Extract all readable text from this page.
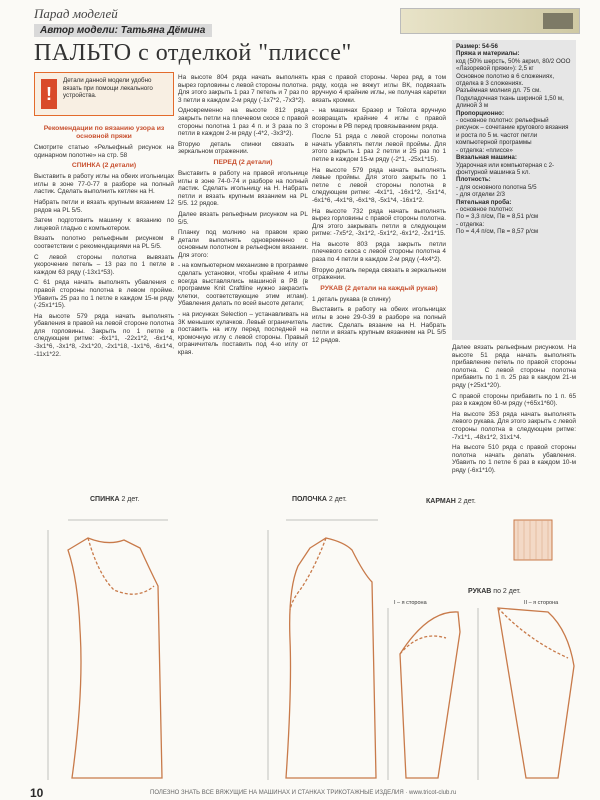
Парад моделей
Автор модели: Татьяна Дёмина
ПАЛЬТО с отделкой "плиссе"
!
Детали данной модели удобно вязать при помощи лекального устройства.
Рекомендации по вязанию узора из основной пряжи

Смотрите статью «Рельефный рисунок на одинарном полотне» на стр. 58

СПИНКА (2 детали)

Выставить в работу иглы на обеих игольницах иглы в зоне 77-0-77 в разборе на полный ластик. Сделать выполнить кетлен на Н.

Набрать петли и вязать крупным вязанием 12 рядов на РL 5/5.

Затем подготовить машину к вязанию по лицевой гладью с компьютером.

Вязать полотно рельефным рисунком в соответствии с рекомендациями на РL 5/5.

С левой стороны полотна вывязать укорочение петель – 13 раз по 1 петле в каждом 63 ряду (-13х1*53).

С 61 ряда начать выполнять убавления с правой стороны полотна в левом пройме. Убавить 25 раз по 1 петле в каждом 15-м ряду (-25х1*15).

На высоте 579 ряда начать выполнять убавления в правой на левой стороне полотна для горловины. Закрыть по 1 петле в следующем ритме: -6х1*1, -22х1*2, -6х1*4, -3х1*6, -3х1*8, -2х1*20, -2х1*18, -1х1*6, -6х1*4, -11х1*22.

На высоте 804 ряда начать выполнять вырез горловины с левой стороны полотна. Для этого закрыть 1 раз 7 петель и 7 раз по 3 петли в каждом 2-м ряду (-1х7*2, -7х3*2).

Одновременно на высоте 812 ряда закрыть петли на плечевом скосе с правой стороны полотна 1 раз 4 п. и 3 раза по 3 петли в каждом 2-м ряду (-4*2, -3х3*2).

Вторую деталь спинки связать в зеркальном отражении.

ПЕРЕД (2 детали)

Выставить в работу на правой игольнице иглы в зоне 74-0-74 и разборе на полный ластик. Сделать игольницу на Н. Набрать петли и вязать крупным вязанием на РL 5/5. 12 рядов.

Далее вязать рельефным рисунком на РL 5/5.

Планку под молнию на правом краю детали выполнять одновременно с основным полотном в рельефном вязании. Для этого:

- на компьютерном механизме в программе сделать установки, чтобы крайние 4 иглы всегда выставлялись машиной в РВ (в программе Knit Craftline нужно закрасить клетки, соответствующие этим иглам). Убавления делать по всей высоте детали;

- на рисунках Selection – устанавливать на 3К меньших кулачков. Левый ограничитель поставить на иглу перед последней на кромочную иглу с левой стороны. Правый ограничитель поставить под 4-ю иглу от края.

края с правой стороны. Через ряд, в том ряду, когда не вяжут иглы ВК, подвязать вручную 4 крайние иглы, не получая каретки вязать кромки.

- на машинах Бразер и Тойота вручную возвращать крайние 4 иглы с правой стороны в РВ перед провязыванием ряда.

После 51 ряда с левой стороны полотна начать убавлять петли левой проймы. Для этого закрыть 1 раз 2 петли и 25 раз по 1 петле в каждом 15-м ряду (-2*1, -25х1*15).

На высоте 579 ряда начать выполнять левые проймы. Для этого закрыть по 1 петле с левой стороны полотна в следующем ритме: -4х1*1, -16х1*2, -5х1*4, -6х1*6, -4х1*8, -6х1*8, -5х1*4, -16х1*2.

На высоте 732 ряда начать выполнять вырез горловины с правой стороны полотна. Для этого закрывать петли в следующем ритме: -7х5*2, -3х1*2, -5х1*2, -6х1*2, -2х1*15.

На высоте 803 ряда закрыть петли плечевого скоса с левой стороны полотна 4 раза по 4 петли в каждом 2-м ряду (-4х4*2).

Вторую деталь переда связать в зеркальном отражении.

РУКАВ (2 детали на каждый рукав)

1 деталь рукава (в спинку)

Выставить в работу на обеих игольницах иглы в зоне 29-0-39 в разборе на полный ластик. Сделать вязание на Н. Набрать петли и вязать крупным вязанием на РL 5/5 12 рядов.

Размер: 54-56
Пряжа и материалы:
код (50% шерсть, 50% акрил, 80/2 ООО «Лазоревой пряжи»): 2,5 кг
Основное полотно в 6 сложениях, отделка в 3 сложениях.
Разъёмная молния дл. 75 см.
Подкладочная ткань шириной 1,50 м, длиной 3 м
Пропорционно:
- основное полотно: рельефный рисунок – сочетание кругового вязания и роста по 5 м. частот петли компьютерной программы
- отделка: «плиссе»
Вязальная машина:
Ударочная или компьютерная с 2-фонтурной машинка 5 кл.
Плотность:
- для основного полотна 5/5
- для отделки 2/3
Пятельная проба:
- основное полотно:
По = 3,3 п/см, Пв = 8,51 р/см
- отделка:
По = 4,4 п/см, Пв = 8,57 р/см

Далее вязать рельефным рисунком. На высоте 51 ряда начать выполнять прибавление петель по правой стороны полотна. С левой стороны полотна прибавить по 1 п. 25 раз в каждом 21-м ряду (+25х1*20).

С правой стороны прибавить по 1 п. 65 раз в каждом 60-м ряду (+65х1*60).

На высоте 353 ряда начать выполнять левого рукава. Для этого закрыть с левой стороны полотна в следующем ритме: -7х1*1, -48х1*2, 31х1*4.

На высоте 510 ряда с правой стороны полотна начать делать убавления. Убавить по 1 петле 6 раз в каждом 10-м ряду (-6х1*10).

СПИНКА 2 дет.	ПОЛОЧКА 2 дет.	КАРМАН 2 дет.
РУКАВ по 2 дет.
I – я сторона	II – я сторона
10	ПОЛЕЗНО ЗНАТЬ ВСЕ ВЯЖУЩИЕ НА МАШИНАХ И СТАНКАХ ТРИКОТАЖНЫЕ ИЗДЕЛИЯ · www.tricot-club.ru
